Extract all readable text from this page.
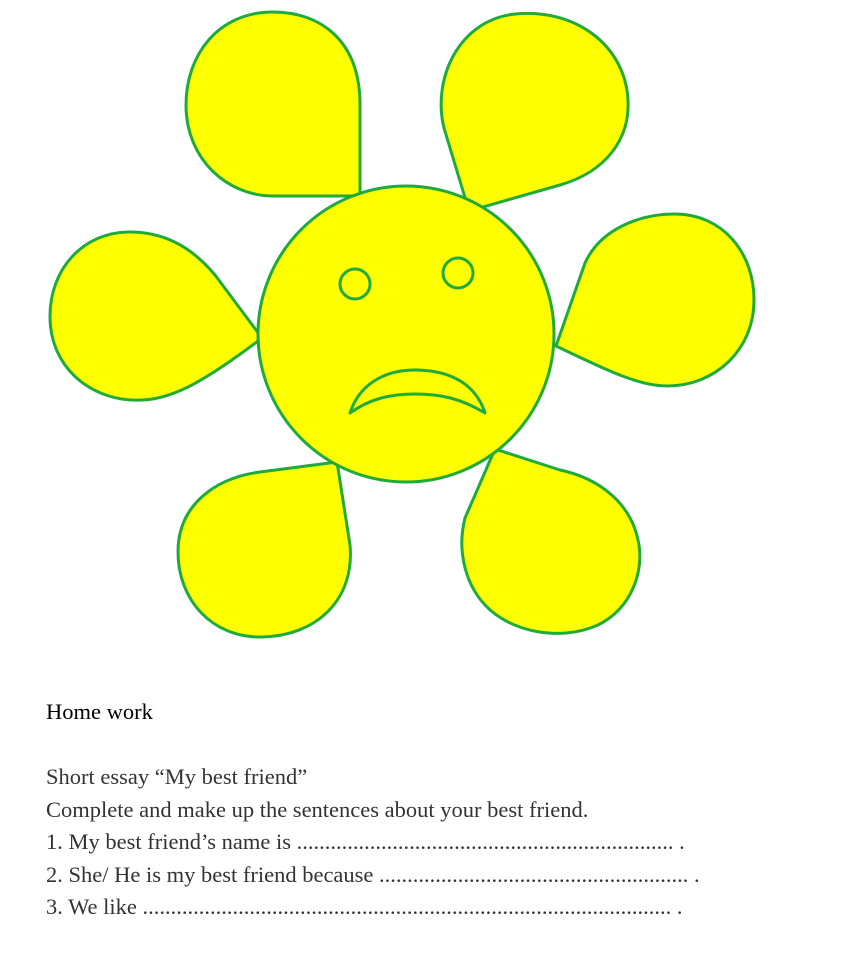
Home work
Short essay “My best friend”
Complete and make up the sentences about your best friend.
1. My best friend’s name is ................................................................... .
2. She/ He is my best friend because ....................................................... .
3. We like .............................................................................................. .
